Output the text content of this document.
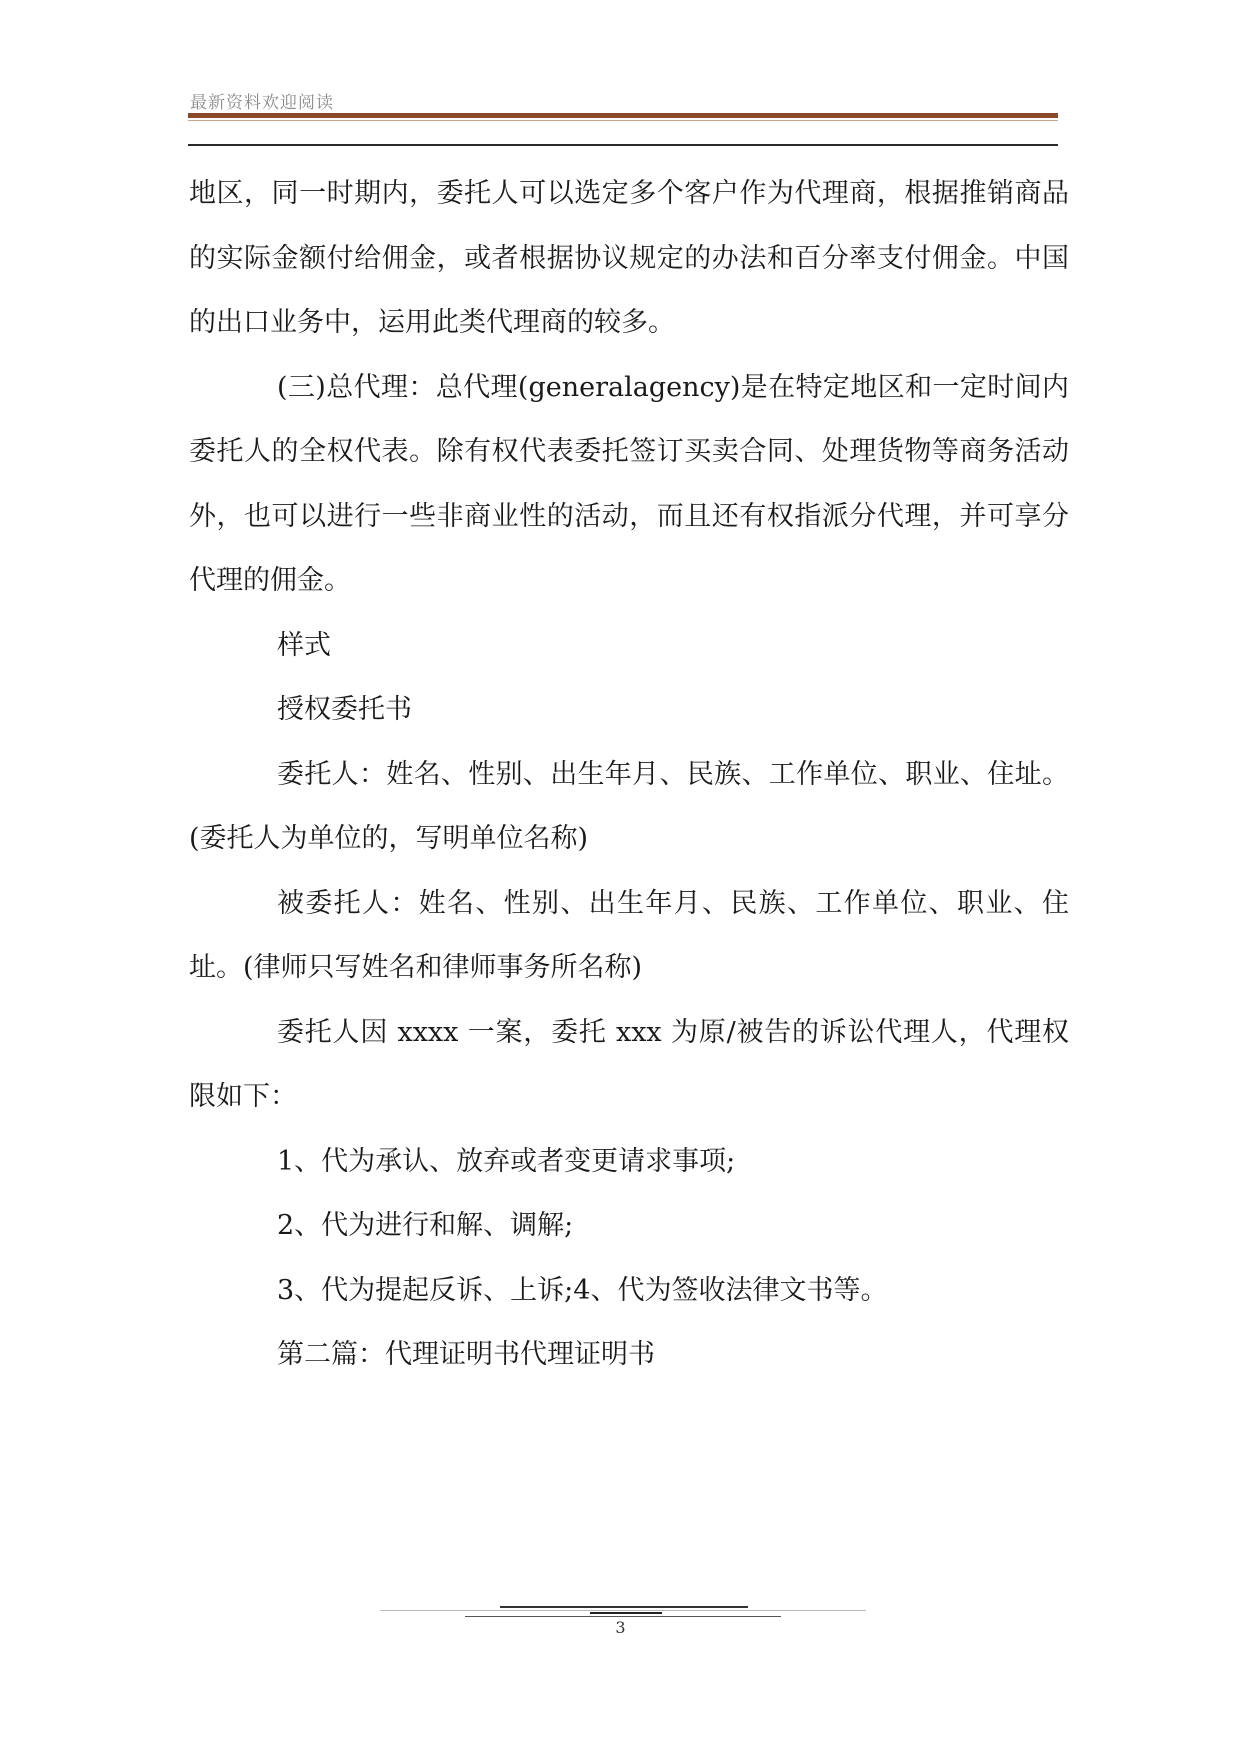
最新资料欢迎阅读

地区，同一时期内，委托人可以选定多个客户作为代理商，根据推销商品的实际金额付给佣金，或者根据协议规定的办法和百分率支付佣金。中国的出口业务中，运用此类代理商的较多。

(三)总代理：总代理(generalagency)是在特定地区和一定时间内委托人的全权代表。除有权代表委托签订买卖合同、处理货物等商务活动外，也可以进行一些非商业性的活动，而且还有权指派分代理，并可享分代理的佣金。

样式

授权委托书

委托人：姓名、性别、出生年月、民族、工作单位、职业、住址。(委托人为单位的，写明单位名称)

被委托人：姓名、性别、出生年月、民族、工作单位、职业、住址。(律师只写姓名和律师事务所名称)

委托人因 xxxx 一案，委托 xxx 为原/被告的诉讼代理人，代理权限如下：

1、代为承认、放弃或者变更请求事项;

2、代为进行和解、调解;

3、代为提起反诉、上诉;4、代为签收法律文书等。

第二篇：代理证明书代理证明书

3
